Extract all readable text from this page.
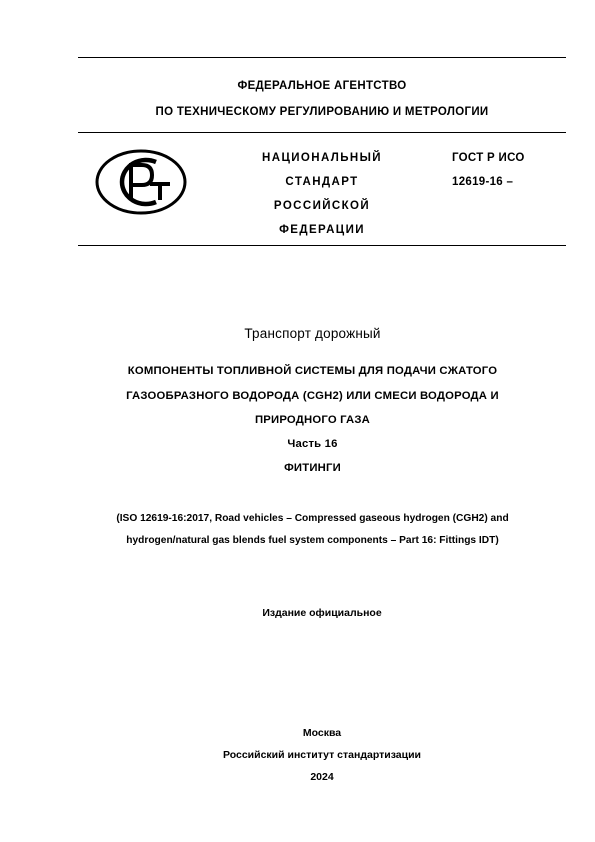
ФЕДЕРАЛЬНОЕ АГЕНТСТВО
ПО ТЕХНИЧЕСКОМУ РЕГУЛИРОВАНИЮ И МЕТРОЛОГИИ
НАЦИОНАЛЬНЫЙ
СТАНДАРТ
РОССИЙСКОЙ
ФЕДЕРАЦИИ
ГОСТ Р ИСО
12619-16 –
Транспорт дорожный
КОМПОНЕНТЫ ТОПЛИВНОЙ СИСТЕМЫ ДЛЯ ПОДАЧИ СЖАТОГО
ГАЗООБРАЗНОГО ВОДОРОДА (CGH2) ИЛИ СМЕСИ ВОДОРОДА И
ПРИРОДНОГО ГАЗА
Часть 16
ФИТИНГИ
(ISO 12619-16:2017, Road vehicles – Compressed gaseous hydrogen (CGH2) and
hydrogen/natural gas blends fuel system components – Part 16: Fittings IDT)
Издание официальное
Москва
Российский институт стандартизации
2024
